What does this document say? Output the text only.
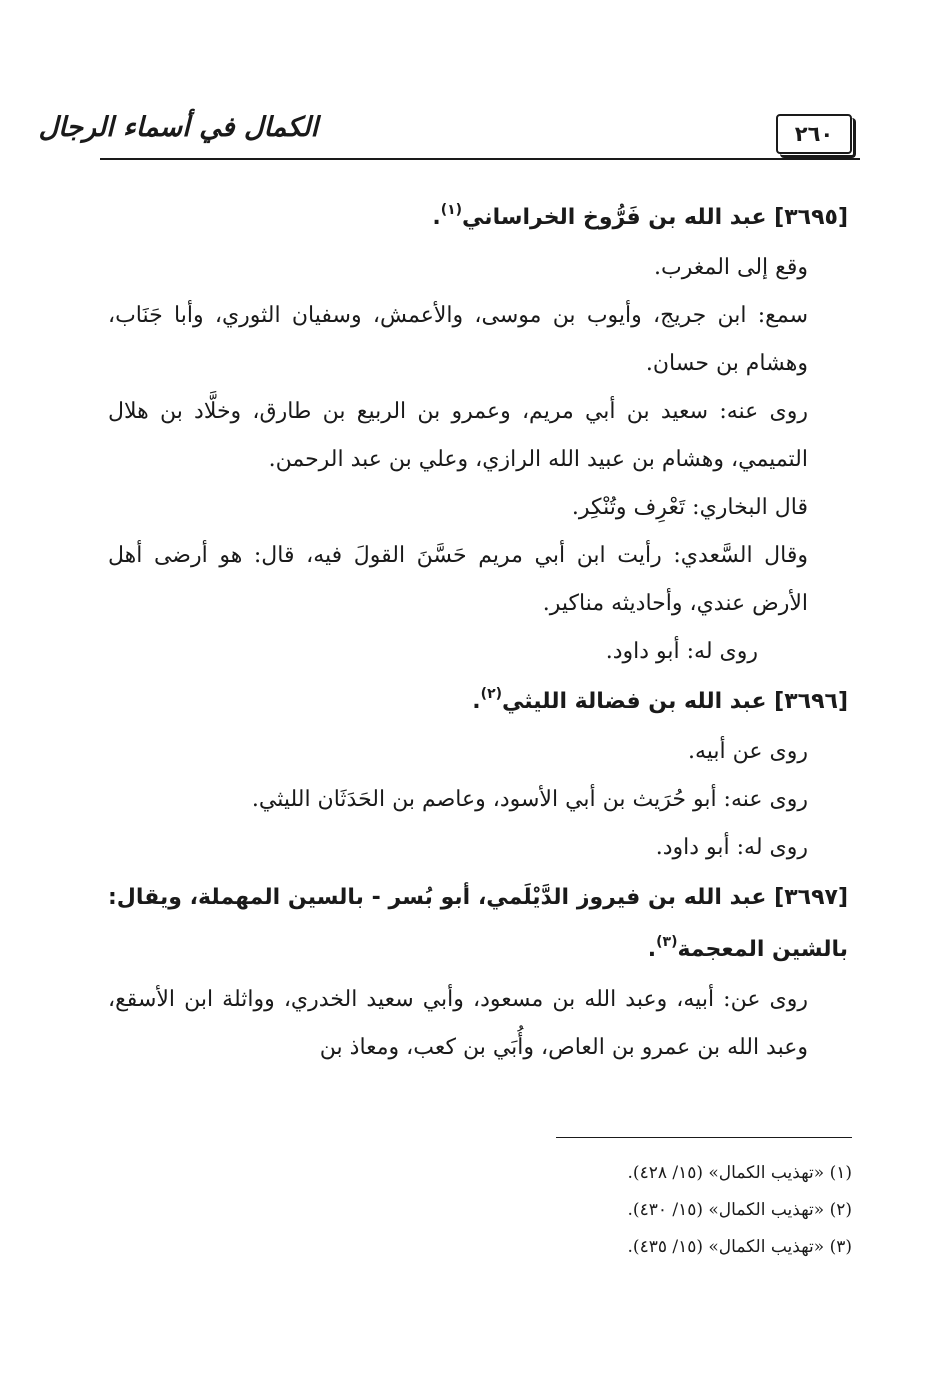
الكمال في أسماء الرجال	٢٦٠

[٣٦٩٥] عبد الله بن فَرُّوخ الخراساني$^{(١)}$.

وقع إلى المغرب.

سمع: ابن جريج، وأيوب بن موسى، والأعمش، وسفيان الثوري، وأبا جَنَاب، وهشام بن حسان.

روى عنه: سعيد بن أبي مريم، وعمرو بن الربيع بن طارق، وخلَّاد بن هلال التميمي، وهشام بن عبيد الله الرازي، وعلي بن عبد الرحمن.

قال البخاري: تَعْرِف وتُنْكِر.

وقال السَّعدي: رأيت ابن أبي مريم حَسَّنَ القولَ فيه، قال: هو أرضى أهل الأرض عندي، وأحاديثه مناكير.

روى له: أبو داود.

[٣٦٩٦] عبد الله بن فضالة الليثي$^{(٢)}$.

روى عن أبيه.

روى عنه: أبو حُرَيث بن أبي الأسود، وعاصم بن الحَدَثَان الليثي.

روى له: أبو داود.

[٣٦٩٧] عبد الله بن فيروز الدَّيْلَمي، أبو بُسر - بالسين المهملة، ويقال: بالشين المعجمة$^{(٣)}$.

روى عن: أبيه، وعبد الله بن مسعود، وأبي سعيد الخدري، وواثلة ابن الأسقع، وعبد الله بن عمرو بن العاص، وأُبَي بن كعب، ومعاذ بن

(١) «تهذيب الكمال» (١٥/ ٤٢٨).

(٢) «تهذيب الكمال» (١٥/ ٤٣٠).

(٣) «تهذيب الكمال» (١٥/ ٤٣٥).
